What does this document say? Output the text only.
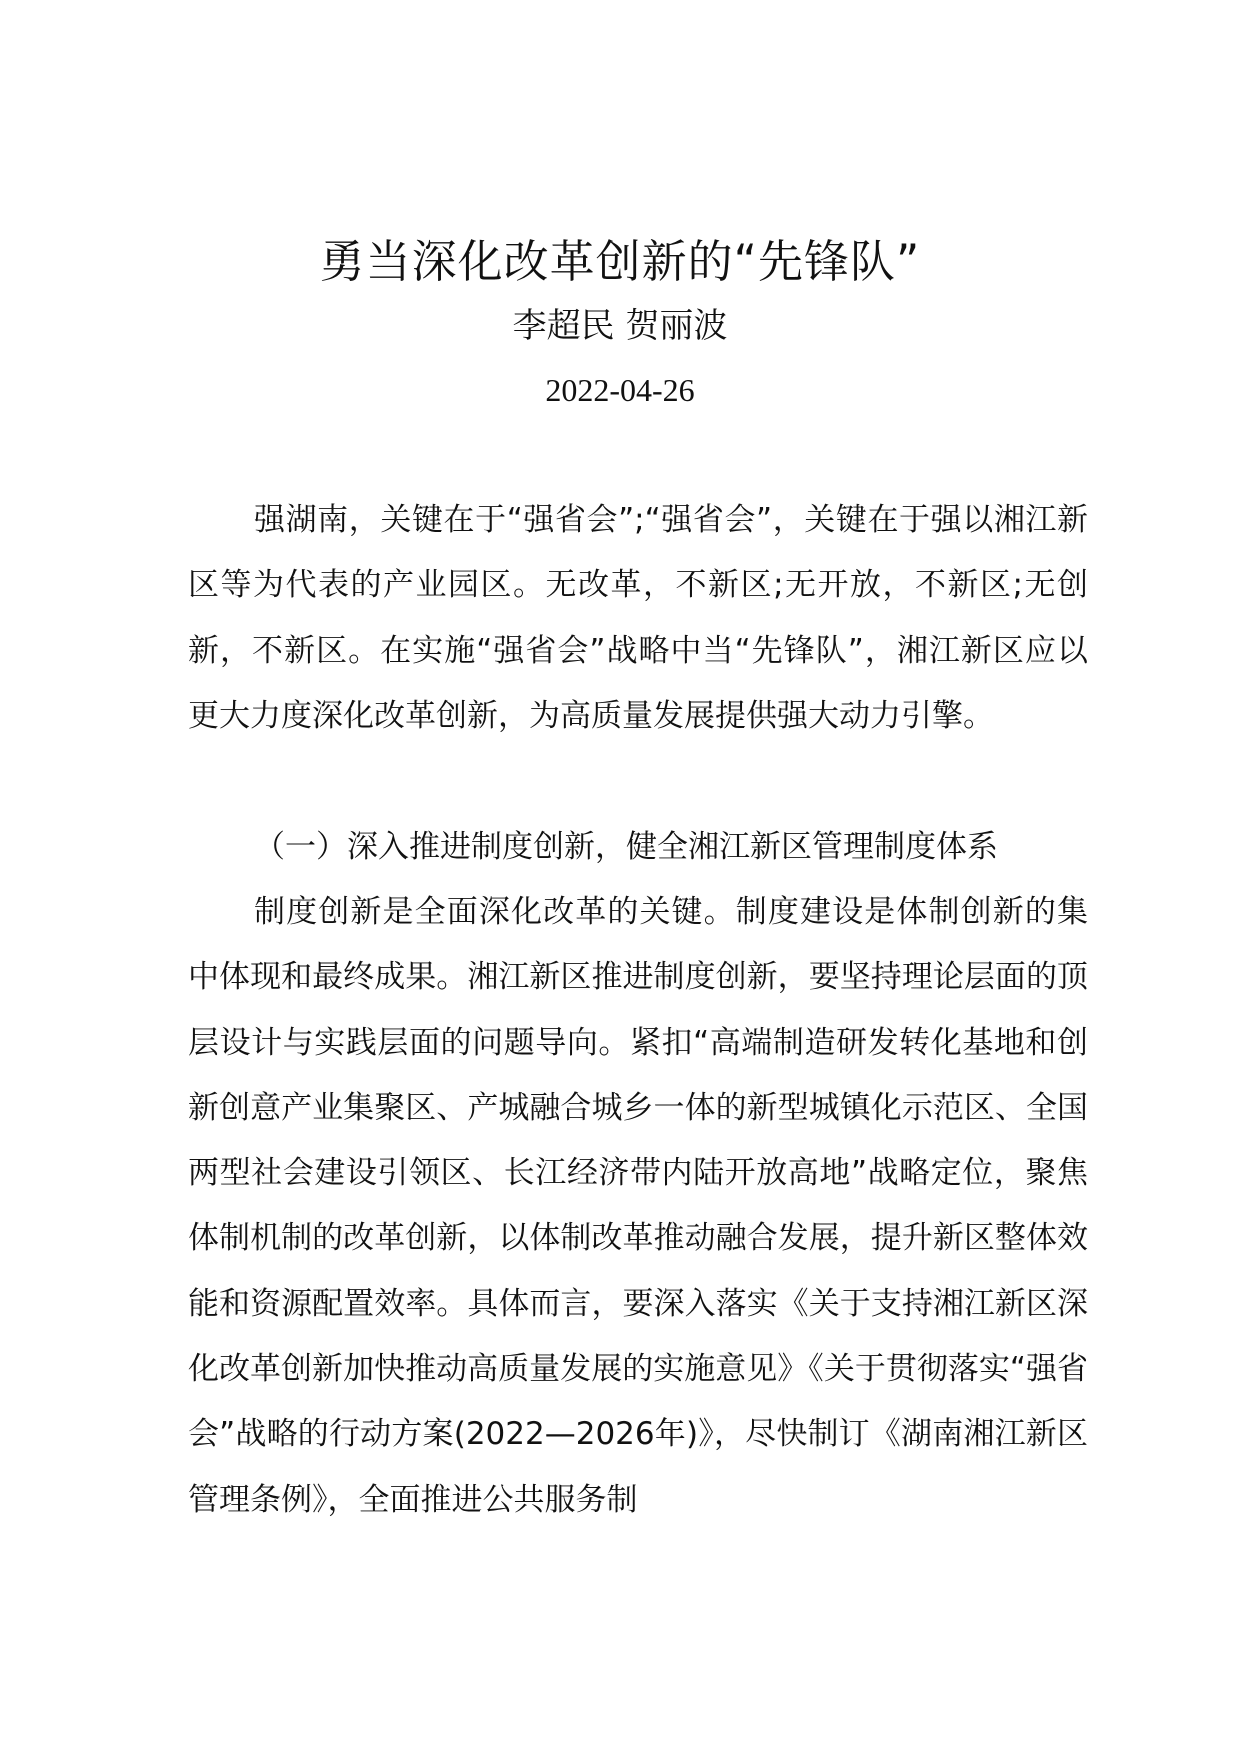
勇当深化改革创新的“先锋队”

李超民 贺丽波

2022-04-26

强湖南，关键在于“强省会”;“强省会”，关键在于强以湘江新区等为代表的产业园区。无改革，不新区;无开放，不新区;无创新，不新区。在实施“强省会”战略中当“先锋队”，湘江新区应以更大力度深化改革创新，为高质量发展提供强大动力引擎。

（一）深入推进制度创新，健全湘江新区管理制度体系

制度创新是全面深化改革的关键。制度建设是体制创新的集中体现和最终成果。湘江新区推进制度创新，要坚持理论层面的顶层设计与实践层面的问题导向。紧扣“高端制造研发转化基地和创新创意产业集聚区、产城融合城乡一体的新型城镇化示范区、全国两型社会建设引领区、长江经济带内陆开放高地”战略定位，聚焦体制机制的改革创新，以体制改革推动融合发展，提升新区整体效能和资源配置效率。具体而言，要深入落实《关于支持湘江新区深化改革创新加快推动高质量发展的实施意见》《关于贯彻落实“强省会”战略的行动方案(2022—2026年)》，尽快制订《湖南湘江新区管理条例》，全面推进公共服务制
